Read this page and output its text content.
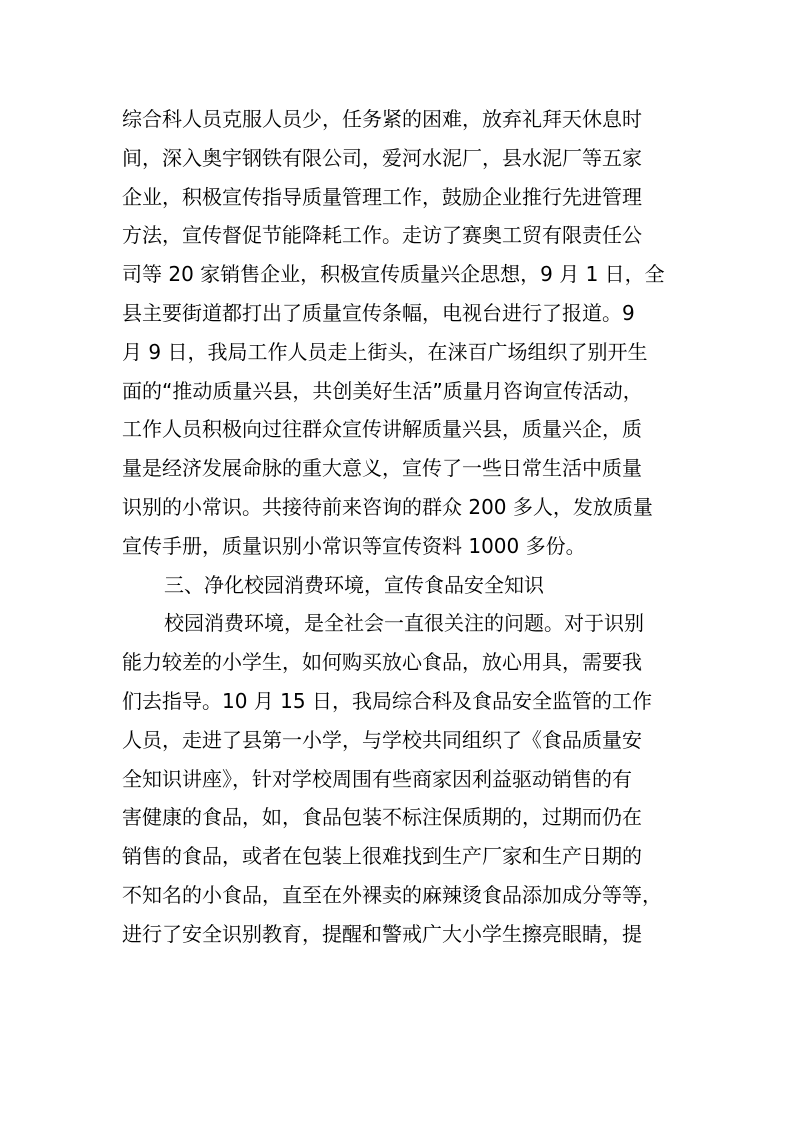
综合科人员克服人员少，任务紧的困难，放弃礼拜天休息时
间，深入奥宇钢铁有限公司，爱河水泥厂，县水泥厂等五家
企业，积极宣传指导质量管理工作，鼓励企业推行先进管理
方法，宣传督促节能降耗工作。走访了赛奥工贸有限责任公
司等 20 家销售企业，积极宣传质量兴企思想，9 月 1 日，全
县主要街道都打出了质量宣传条幅，电视台进行了报道。9
月 9 日，我局工作人员走上街头，在涞百广场组织了别开生
面的“推动质量兴县，共创美好生活”质量月咨询宣传活动，
工作人员积极向过往群众宣传讲解质量兴县，质量兴企，质
量是经济发展命脉的重大意义，宣传了一些日常生活中质量
识别的小常识。共接待前来咨询的群众 200 多人，发放质量
宣传手册，质量识别小常识等宣传资料 1000 多份。
三、净化校园消费环境，宣传食品安全知识
校园消费环境，是全社会一直很关注的问题。对于识别
能力较差的小学生，如何购买放心食品，放心用具，需要我
们去指导。10 月 15 日，我局综合科及食品安全监管的工作
人员，走进了县第一小学，与学校共同组织了《食品质量安
全知识讲座》，针对学校周围有些商家因利益驱动销售的有
害健康的食品，如，食品包装不标注保质期的，过期而仍在
销售的食品，或者在包装上很难找到生产厂家和生产日期的
不知名的小食品，直至在外裸卖的麻辣烫食品添加成分等等，
进行了安全识别教育，提醒和警戒广大小学生擦亮眼睛，提
